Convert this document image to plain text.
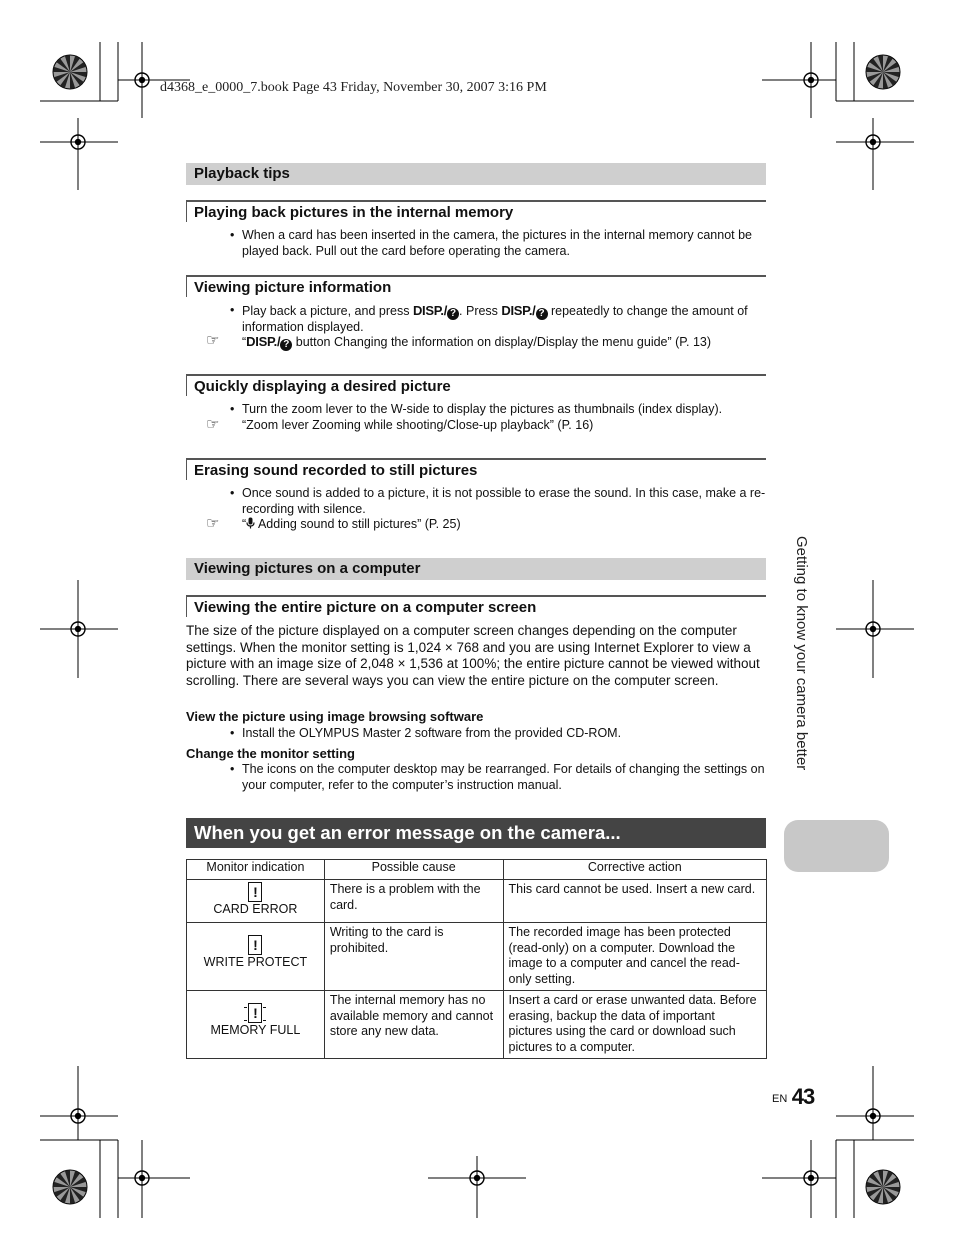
d4368_e_0000_7.book Page 43 Friday, November 30, 2007 3:16 PM
Playback tips
Playing back pictures in the internal memory
• When a card has been inserted in the camera, the pictures in the internal memory cannot be played back. Pull out the card before operating the camera.
Viewing picture information
• Play back a picture, and press DISP./ ? . Press DISP./ ? repeatedly to change the amount of information displayed.
☞ “DISP./ ? button Changing the information on display/Display the menu guide” (P. 13)
Quickly displaying a desired picture
• Turn the zoom lever to the W-side to display the pictures as thumbnails (index display).
☞ “Zoom lever Zooming while shooting/Close-up playback” (P. 16)
Erasing sound recorded to still pictures
• Once sound is added to a picture, it is not possible to erase the sound. In this case, make a re-recording with silence.
☞ “ Adding sound to still pictures” (P. 25)
Viewing pictures on a computer
Viewing the entire picture on a computer screen
The size of the picture displayed on a computer screen changes depending on the computer settings. When the monitor setting is 1,024 × 768 and you are using Internet Explorer to view a picture with an image size of 2,048 × 1,536 at 100%; the entire picture cannot be viewed without scrolling. There are several ways you can view the entire picture on the computer screen.
View the picture using image browsing software
• Install the OLYMPUS Master 2 software from the provided CD-ROM.
Change the monitor setting
• The icons on the computer desktop may be rearranged. For details of changing the settings on your computer, refer to the computer’s instruction manual.
When you get an error message on the camera...
Monitor indication	Possible cause	Corrective action
!
CARD ERROR	There is a problem with the card.	This card cannot be used. Insert a new card.
!
WRITE PROTECT	Writing to the card is prohibited.	The recorded image has been protected (read-only) on a computer. Download the image to a computer and cancel the read-only setting.
!
MEMORY FULL	The internal memory has no available memory and cannot store any new data.	Insert a card or erase unwanted data. Before erasing, backup the data of important pictures using the card or download such pictures to a computer.
Getting to know your camera better
EN 43
